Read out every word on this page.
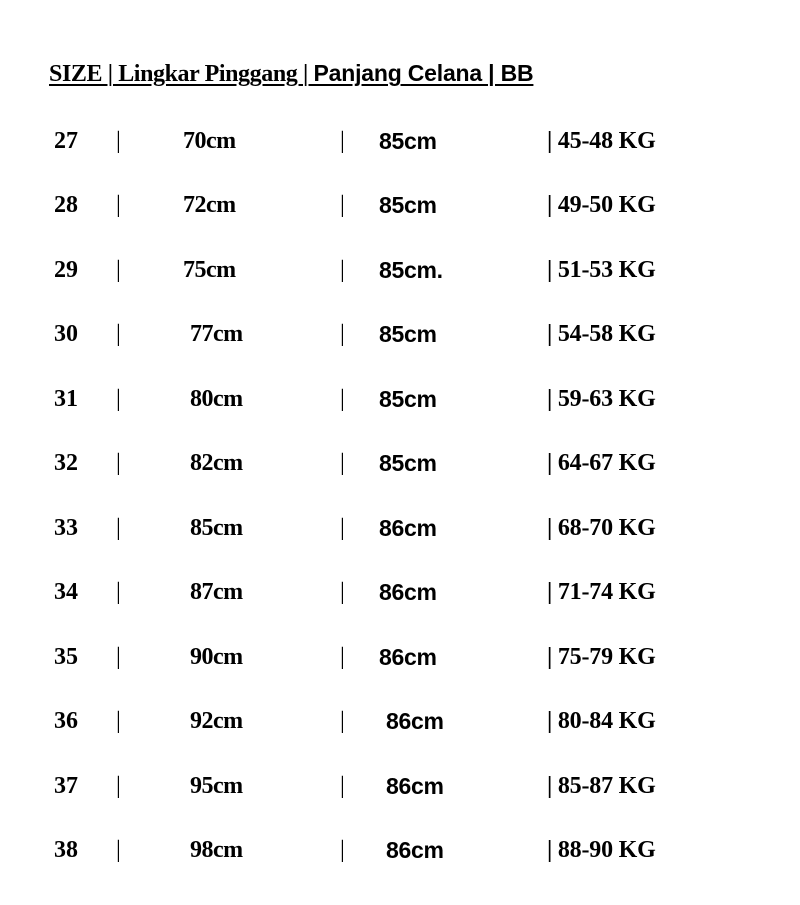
SIZE | Lingkar Pinggang | Panjang Celana | BB
27 |	70cm	| 85cm	| 45-48 KG
28 |	72cm	| 85cm	| 49-50 KG
29 |	75cm	| 85cm.	| 51-53 KG
30 |	77cm	| 85cm	| 54-58 KG
31 |	80cm	| 85cm	| 59-63 KG
32 |	82cm	| 85cm	| 64-67 KG
33 |	85cm	| 86cm	| 68-70 KG
34 |	87cm	| 86cm	| 71-74 KG
35 |	90cm	| 86cm	| 75-79 KG
36 |	92cm	| 86cm	| 80-84 KG
37 |	95cm	| 86cm	| 85-87 KG
38 |	98cm	| 86cm	| 88-90 KG
